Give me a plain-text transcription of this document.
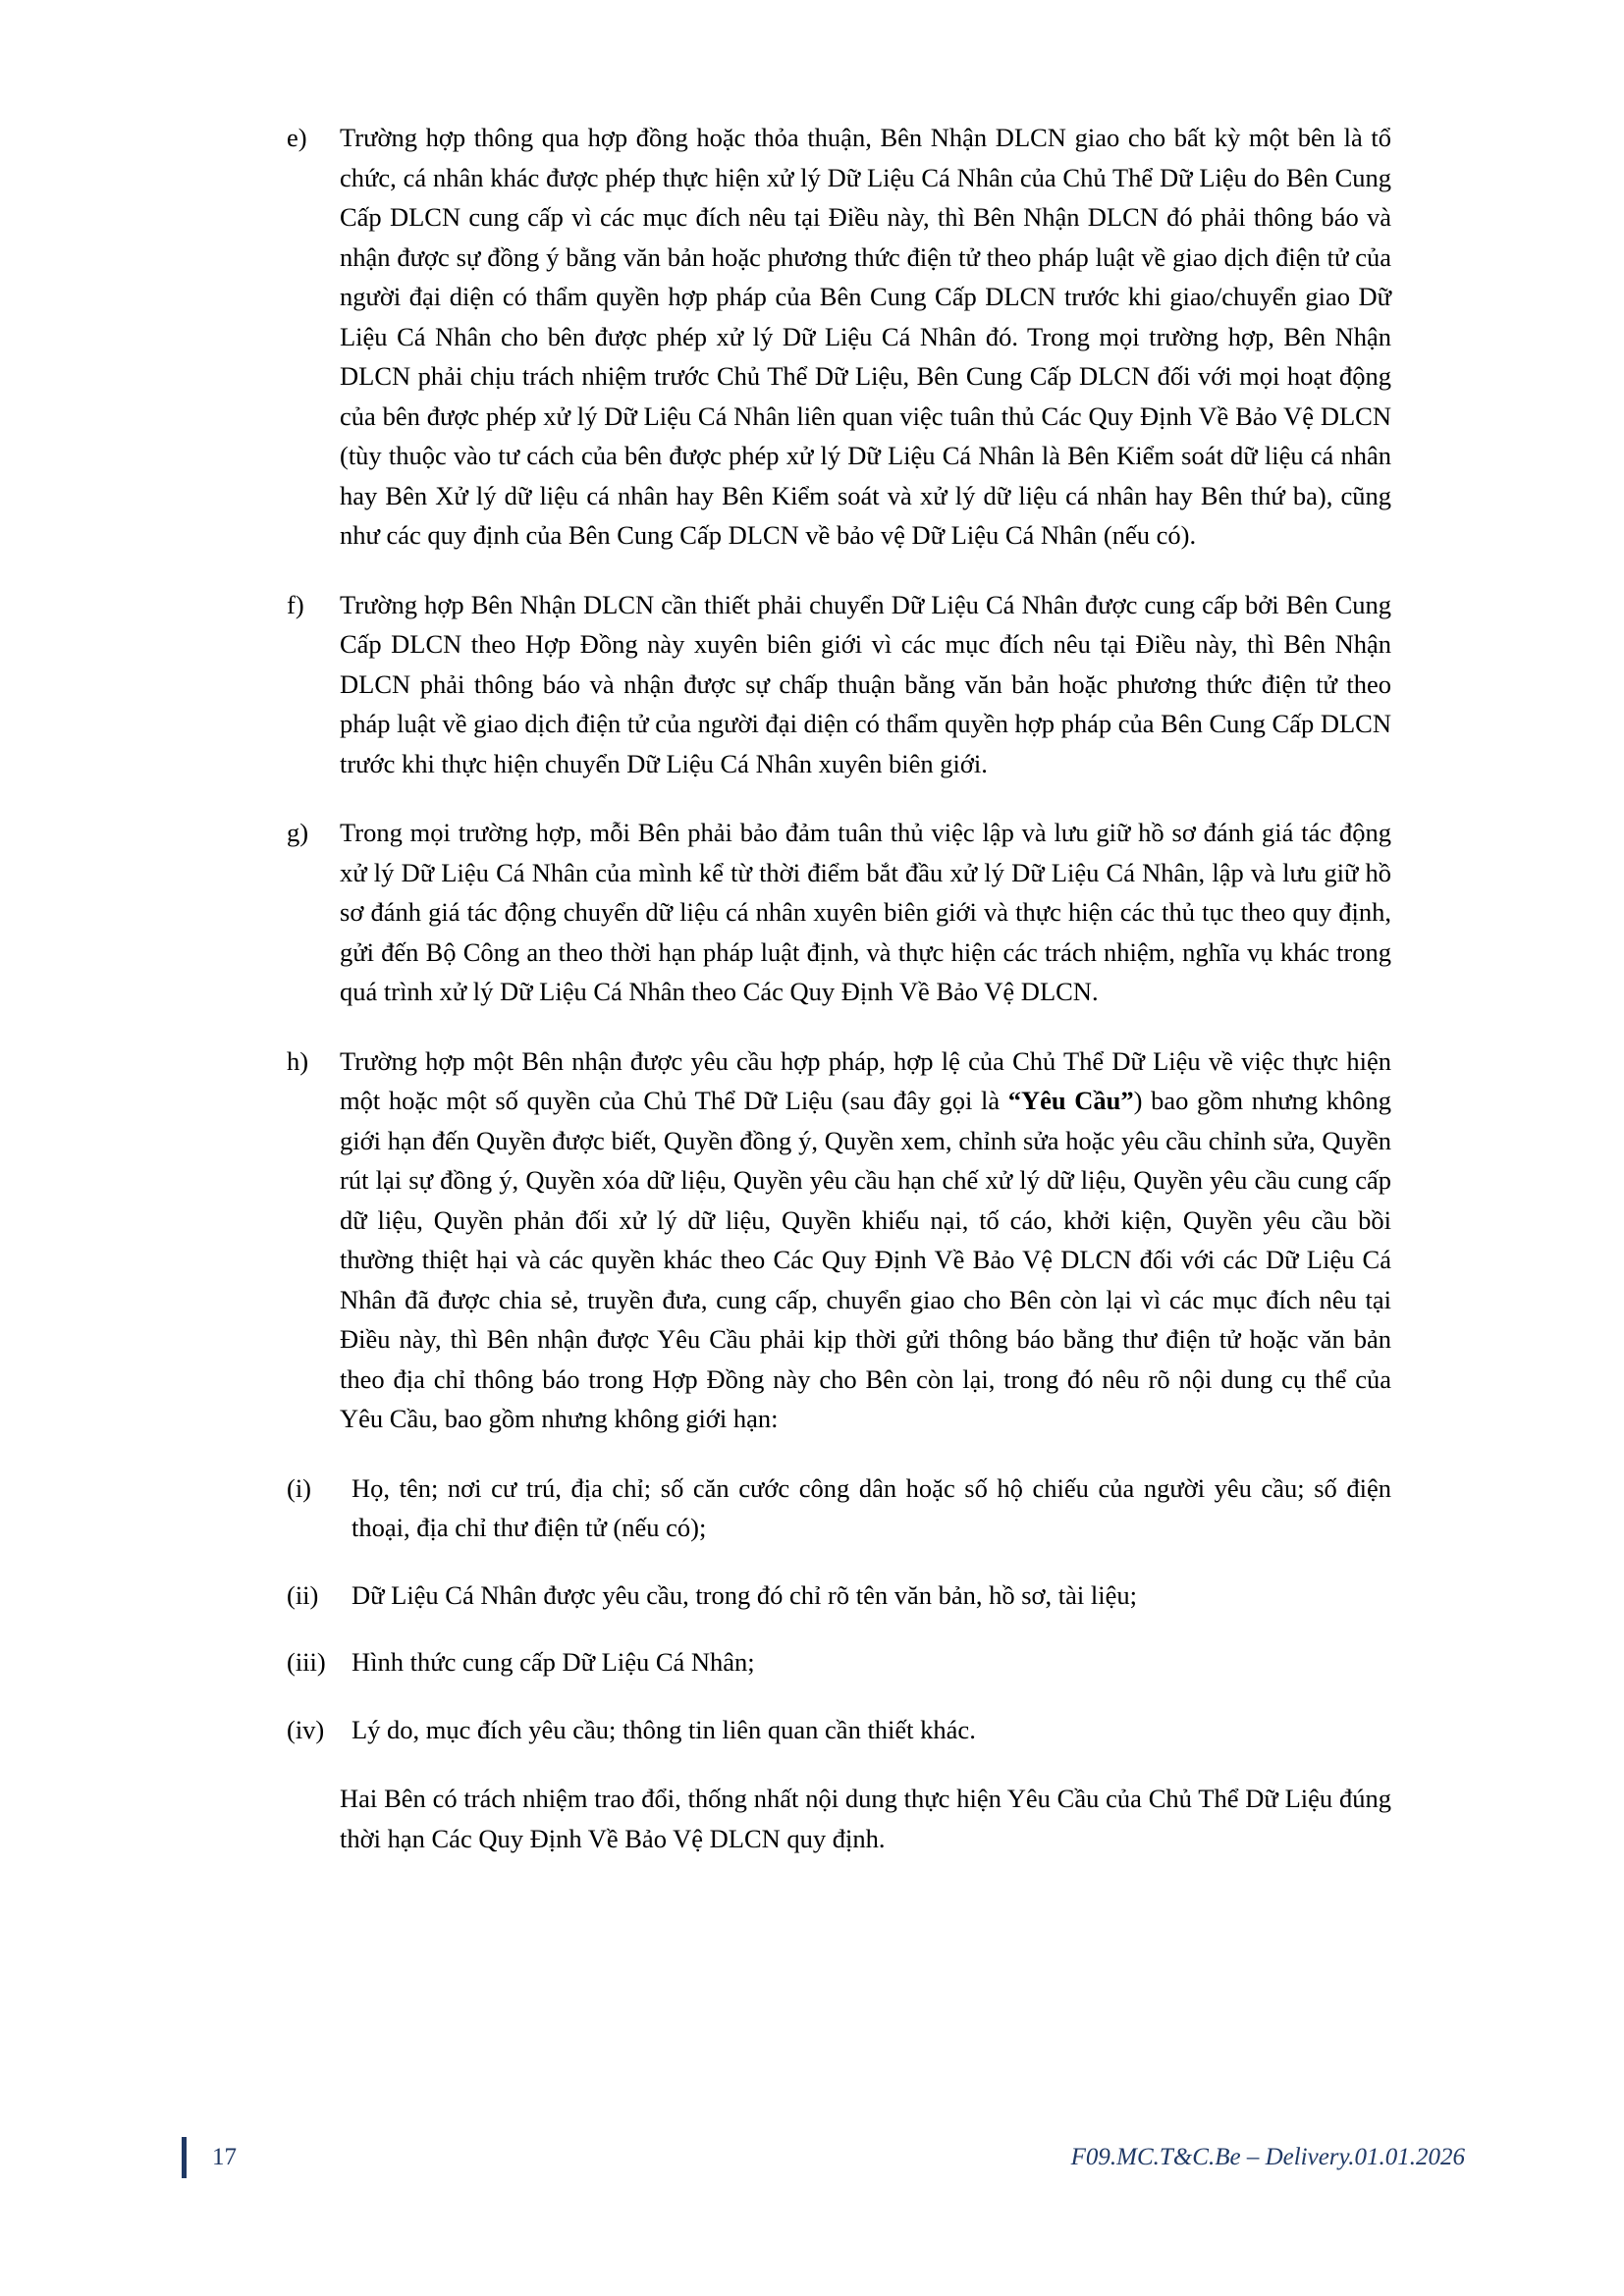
e)	Trường hợp thông qua hợp đồng hoặc thỏa thuận, Bên Nhận DLCN giao cho bất kỳ một bên là tổ chức, cá nhân khác được phép thực hiện xử lý Dữ Liệu Cá Nhân của Chủ Thể Dữ Liệu do Bên Cung Cấp DLCN cung cấp vì các mục đích nêu tại Điều này, thì Bên Nhận DLCN đó phải thông báo và nhận được sự đồng ý bằng văn bản hoặc phương thức điện tử theo pháp luật về giao dịch điện tử của người đại diện có thẩm quyền hợp pháp của Bên Cung Cấp DLCN trước khi giao/chuyển giao Dữ Liệu Cá Nhân cho bên được phép xử lý Dữ Liệu Cá Nhân đó. Trong mọi trường hợp, Bên Nhận DLCN phải chịu trách nhiệm trước Chủ Thể Dữ Liệu, Bên Cung Cấp DLCN đối với mọi hoạt động của bên được phép xử lý Dữ Liệu Cá Nhân liên quan việc tuân thủ Các Quy Định Về Bảo Vệ DLCN (tùy thuộc vào tư cách của bên được phép xử lý Dữ Liệu Cá Nhân là Bên Kiểm soát dữ liệu cá nhân hay Bên Xử lý dữ liệu cá nhân hay Bên Kiểm soát và xử lý dữ liệu cá nhân hay Bên thứ ba), cũng như các quy định của Bên Cung Cấp DLCN về bảo vệ Dữ Liệu Cá Nhân (nếu có).
f)	Trường hợp Bên Nhận DLCN cần thiết phải chuyển Dữ Liệu Cá Nhân được cung cấp bởi Bên Cung Cấp DLCN theo Hợp Đồng này xuyên biên giới vì các mục đích nêu tại Điều này, thì Bên Nhận DLCN phải thông báo và nhận được sự chấp thuận bằng văn bản hoặc phương thức điện tử theo pháp luật về giao dịch điện tử của người đại diện có thẩm quyền hợp pháp của Bên Cung Cấp DLCN trước khi thực hiện chuyển Dữ Liệu Cá Nhân xuyên biên giới.
g)	Trong mọi trường hợp, mỗi Bên phải bảo đảm tuân thủ việc lập và lưu giữ hồ sơ đánh giá tác động xử lý Dữ Liệu Cá Nhân của mình kể từ thời điểm bắt đầu xử lý Dữ Liệu Cá Nhân, lập và lưu giữ hồ sơ đánh giá tác động chuyển dữ liệu cá nhân xuyên biên giới và thực hiện các thủ tục theo quy định, gửi đến Bộ Công an theo thời hạn pháp luật định, và thực hiện các trách nhiệm, nghĩa vụ khác trong quá trình xử lý Dữ Liệu Cá Nhân theo Các Quy Định Về Bảo Vệ DLCN.
h)	Trường hợp một Bên nhận được yêu cầu hợp pháp, hợp lệ của Chủ Thể Dữ Liệu về việc thực hiện một hoặc một số quyền của Chủ Thể Dữ Liệu (sau đây gọi là “Yêu Cầu”) bao gồm nhưng không giới hạn đến Quyền được biết, Quyền đồng ý, Quyền xem, chỉnh sửa hoặc yêu cầu chỉnh sửa, Quyền rút lại sự đồng ý, Quyền xóa dữ liệu, Quyền yêu cầu hạn chế xử lý dữ liệu, Quyền yêu cầu cung cấp dữ liệu, Quyền phản đối xử lý dữ liệu, Quyền khiếu nại, tố cáo, khởi kiện, Quyền yêu cầu bồi thường thiệt hại và các quyền khác theo Các Quy Định Về Bảo Vệ DLCN đối với các Dữ Liệu Cá Nhân đã được chia sẻ, truyền đưa, cung cấp, chuyển giao cho Bên còn lại vì các mục đích nêu tại Điều này, thì Bên nhận được Yêu Cầu phải kịp thời gửi thông báo bằng thư điện tử hoặc văn bản theo địa chỉ thông báo trong Hợp Đồng này cho Bên còn lại, trong đó nêu rõ nội dung cụ thể của Yêu Cầu, bao gồm nhưng không giới hạn:
(i)	Họ, tên; nơi cư trú, địa chỉ; số căn cước công dân hoặc số hộ chiếu của người yêu cầu; số điện thoại, địa chỉ thư điện tử (nếu có);
(ii)	Dữ Liệu Cá Nhân được yêu cầu, trong đó chỉ rõ tên văn bản, hồ sơ, tài liệu;
(iii) Hình thức cung cấp Dữ Liệu Cá Nhân;
(iv)	Lý do, mục đích yêu cầu; thông tin liên quan cần thiết khác.
Hai Bên có trách nhiệm trao đổi, thống nhất nội dung thực hiện Yêu Cầu của Chủ Thể Dữ Liệu đúng thời hạn Các Quy Định Về Bảo Vệ DLCN quy định.
17	F09.MC.T&C.Be – Delivery.01.01.2026
